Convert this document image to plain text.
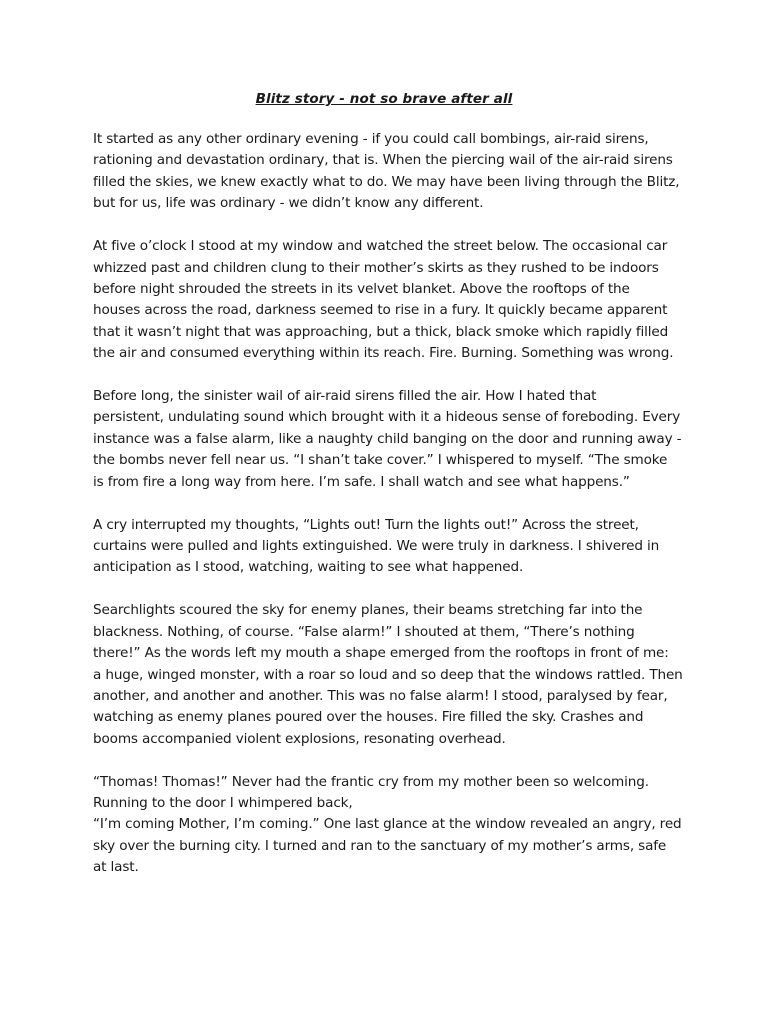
Blitz story - not so brave after all
It started as any other ordinary evening - if you could call bombings, air-raid sirens,
rationing and devastation ordinary, that is. When the piercing wail of the air-raid sirens
filled the skies, we knew exactly what to do. We may have been living through the Blitz,
but for us, life was ordinary - we didn’t know any different.
At five o’clock I stood at my window and watched the street below. The occasional car
whizzed past and children clung to their mother’s skirts as they rushed to be indoors
before night shrouded the streets in its velvet blanket. Above the rooftops of the
houses across the road, darkness seemed to rise in a fury. It quickly became apparent
that it wasn’t night that was approaching, but a thick, black smoke which rapidly filled
the air and consumed everything within its reach. Fire. Burning. Something was wrong.
Before long, the sinister wail of air-raid sirens filled the air. How I hated that
persistent, undulating sound which brought with it a hideous sense of foreboding. Every
instance was a false alarm, like a naughty child banging on the door and running away -
the bombs never fell near us. “I shan’t take cover.” I whispered to myself. “The smoke
is from fire a long way from here. I’m safe. I shall watch and see what happens.”
A cry interrupted my thoughts, “Lights out! Turn the lights out!” Across the street,
curtains were pulled and lights extinguished. We were truly in darkness. I shivered in
anticipation as I stood, watching, waiting to see what happened.
Searchlights scoured the sky for enemy planes, their beams stretching far into the
blackness. Nothing, of course. “False alarm!” I shouted at them, “There’s nothing
there!” As the words left my mouth a shape emerged from the rooftops in front of me:
a huge, winged monster, with a roar so loud and so deep that the windows rattled. Then
another, and another and another. This was no false alarm! I stood, paralysed by fear,
watching as enemy planes poured over the houses. Fire filled the sky. Crashes and
booms accompanied violent explosions, resonating overhead.
“Thomas! Thomas!” Never had the frantic cry from my mother been so welcoming.
Running to the door I whimpered back,
“I’m coming Mother, I’m coming.” One last glance at the window revealed an angry, red
sky over the burning city. I turned and ran to the sanctuary of my mother’s arms, safe
at last.
